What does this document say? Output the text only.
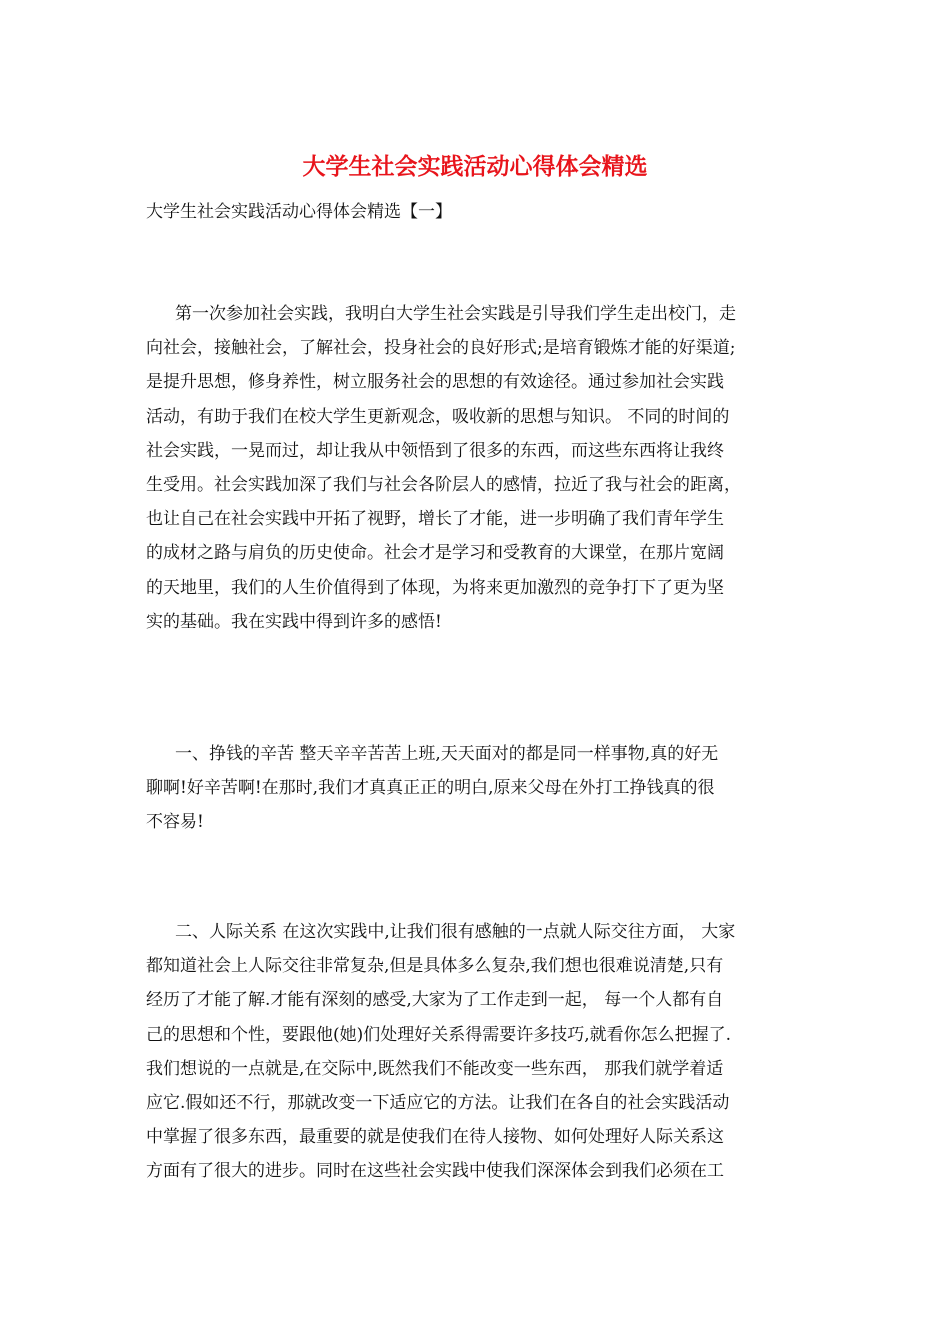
大学生社会实践活动心得体会精选
大学生社会实践活动心得体会精选【一】
第一次参加社会实践，我明白大学生社会实践是引导我们学生走出校门，走
向社会，接触社会，了解社会，投身社会的良好形式;是培育锻炼才能的好渠道;
是提升思想，修身养性，树立服务社会的思想的有效途径。通过参加社会实践
活动，有助于我们在校大学生更新观念，吸收新的思想与知识。 不同的时间的
社会实践，一晃而过，却让我从中领悟到了很多的东西，而这些东西将让我终
生受用。社会实践加深了我们与社会各阶层人的感情，拉近了我与社会的距离，
也让自己在社会实践中开拓了视野，增长了才能，进一步明确了我们青年学生
的成材之路与肩负的历史使命。社会才是学习和受教育的大课堂，在那片宽阔
的天地里，我们的人生价值得到了体现，为将来更加激烈的竞争打下了更为坚
实的基础。我在实践中得到许多的感悟!
一、挣钱的辛苦 整天辛辛苦苦上班,天天面对的都是同一样事物,真的好无
聊啊!好辛苦啊!在那时,我们才真真正正的明白,原来父母在外打工挣钱真的很
不容易!
二、人际关系 在这次实践中,让我们很有感触的一点就人际交往方面， 大家
都知道社会上人际交往非常复杂,但是具体多么复杂,我们想也很难说清楚,只有
经历了才能了解.才能有深刻的感受,大家为了工作走到一起， 每一个人都有自
己的思想和个性，要跟他(她)们处理好关系得需要许多技巧,就看你怎么把握了.
我们想说的一点就是,在交际中,既然我们不能改变一些东西， 那我们就学着适
应它.假如还不行，那就改变一下适应它的方法。让我们在各自的社会实践活动
中掌握了很多东西，最重要的就是使我们在待人接物、如何处理好人际关系这
方面有了很大的进步。同时在这些社会实践中使我们深深体会到我们必须在工
